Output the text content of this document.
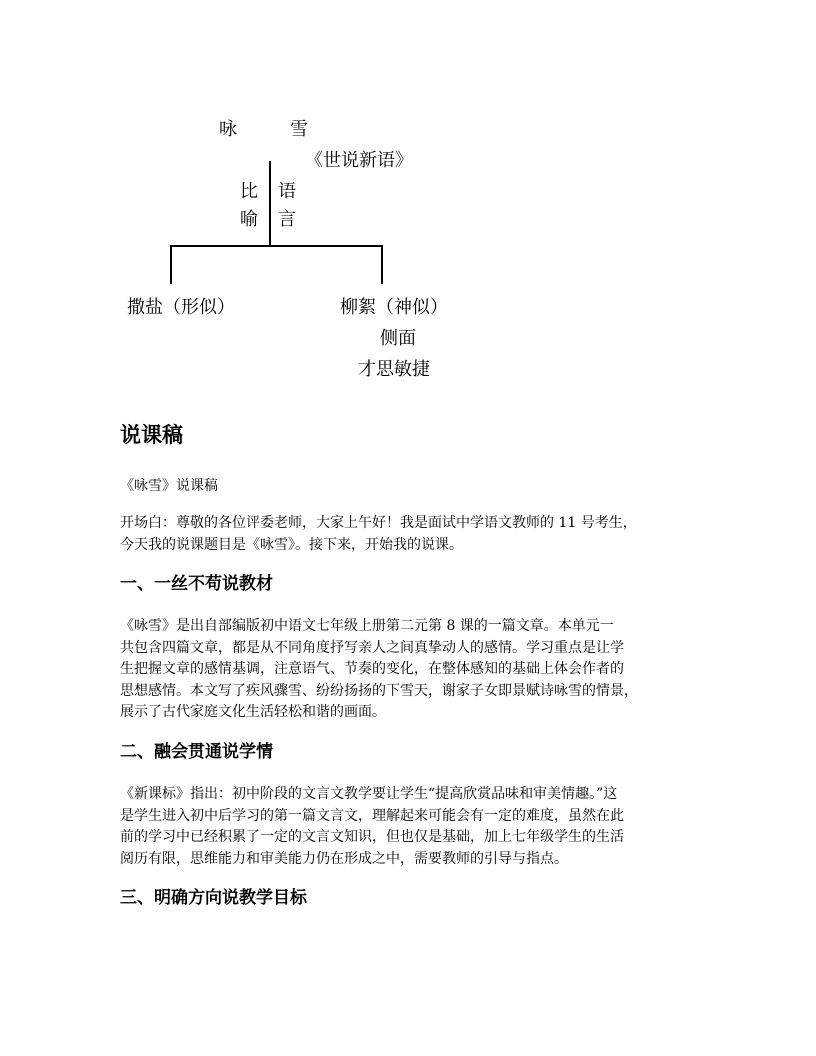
咏	雪
《世说新语》
比
喻
语
言
撒盐（形似）	柳絮（神似）
侧面
才思敏捷
说课稿

《咏雪》说课稿

开场白：尊敬的各位评委老师，大家上午好！我是面试中学语文教师的 11 号考生，
今天我的说课题目是《咏雪》。接下来，开始我的说课。

一、一丝不苟说教材

《咏雪》是出自部编版初中语文七年级上册第二元第 8 课的一篇文章。本单元一
共包含四篇文章，都是从不同角度抒写亲人之间真挚动人的感情。学习重点是让学
生把握文章的感情基调，注意语气、节奏的变化，在整体感知的基础上体会作者的
思想感情。本文写了疾风骤雪、纷纷扬扬的下雪天，谢家子女即景赋诗咏雪的情景，
展示了古代家庭文化生活轻松和谐的画面。

二、融会贯通说学情

《新课标》指出：初中阶段的文言文教学要让学生“提高欣赏品味和审美情趣。”这
是学生进入初中后学习的第一篇文言文，理解起来可能会有一定的难度，虽然在此
前的学习中已经积累了一定的文言文知识，但也仅是基础，加上七年级学生的生活
阅历有限，思维能力和审美能力仍在形成之中，需要教师的引导与指点。

三、明确方向说教学目标
